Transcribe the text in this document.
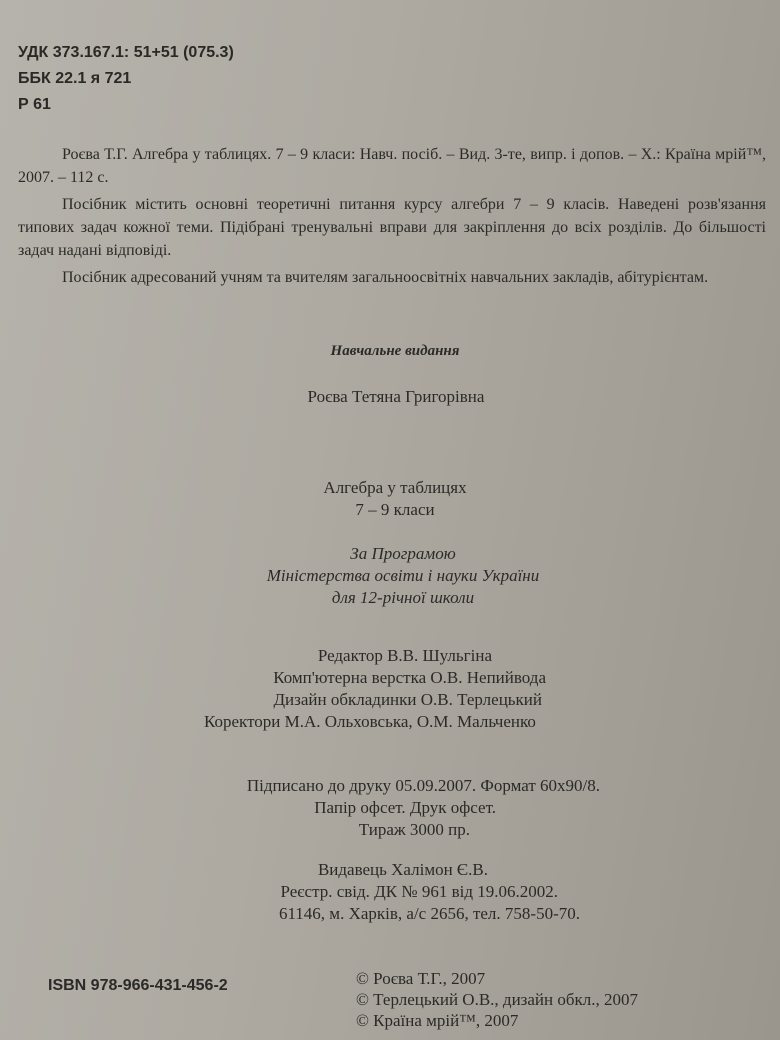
УДК 373.167.1: 51+51 (075.3)
ББК 22.1 я 721
Р 61

Роєва Т.Г. Алгебра у таблицях. 7 – 9 класи: Навч. посіб. – Вид. 3-те, випр. і допов. – Х.: Країна мрій™, 2007. – 112 с.

Посібник містить основні теоретичні питання курсу алгебри 7 – 9 класів. Наведені розв'язання типових задач кожної теми. Підібрані тренувальні вправи для закріплення до всіх розділів. До більшості задач надані відповіді.

Посібник адресований учням та вчителям загальноосвітніх навчальних закладів, абітурієнтам.

Навчальне видання
Роєва Тетяна Григорівна
Алгебра у таблицях
7 – 9 класи
За Програмою
Міністерства освіти і науки України
для 12-річної школи
Редактор В.В. Шульгіна
Комп'ютерна верстка О.В. Непийвода
Дизайн обкладинки О.В. Терлецький
Коректори М.А. Ольховська, О.М. Мальченко
Підписано до друку 05.09.2007. Формат 60x90/8.
Папір офсет. Друк офсет.
Тираж 3000 пр.
Видавець Халімон Є.В.
Реєстр. свід. ДК № 961 від 19.06.2002.
61146, м. Харків, а/с 2656, тел. 758-50-70.
ISBN 978-966-431-456-2	© Роєва Т.Г., 2007
© Терлецький О.В., дизайн обкл., 2007
© Країна мрій™, 2007
